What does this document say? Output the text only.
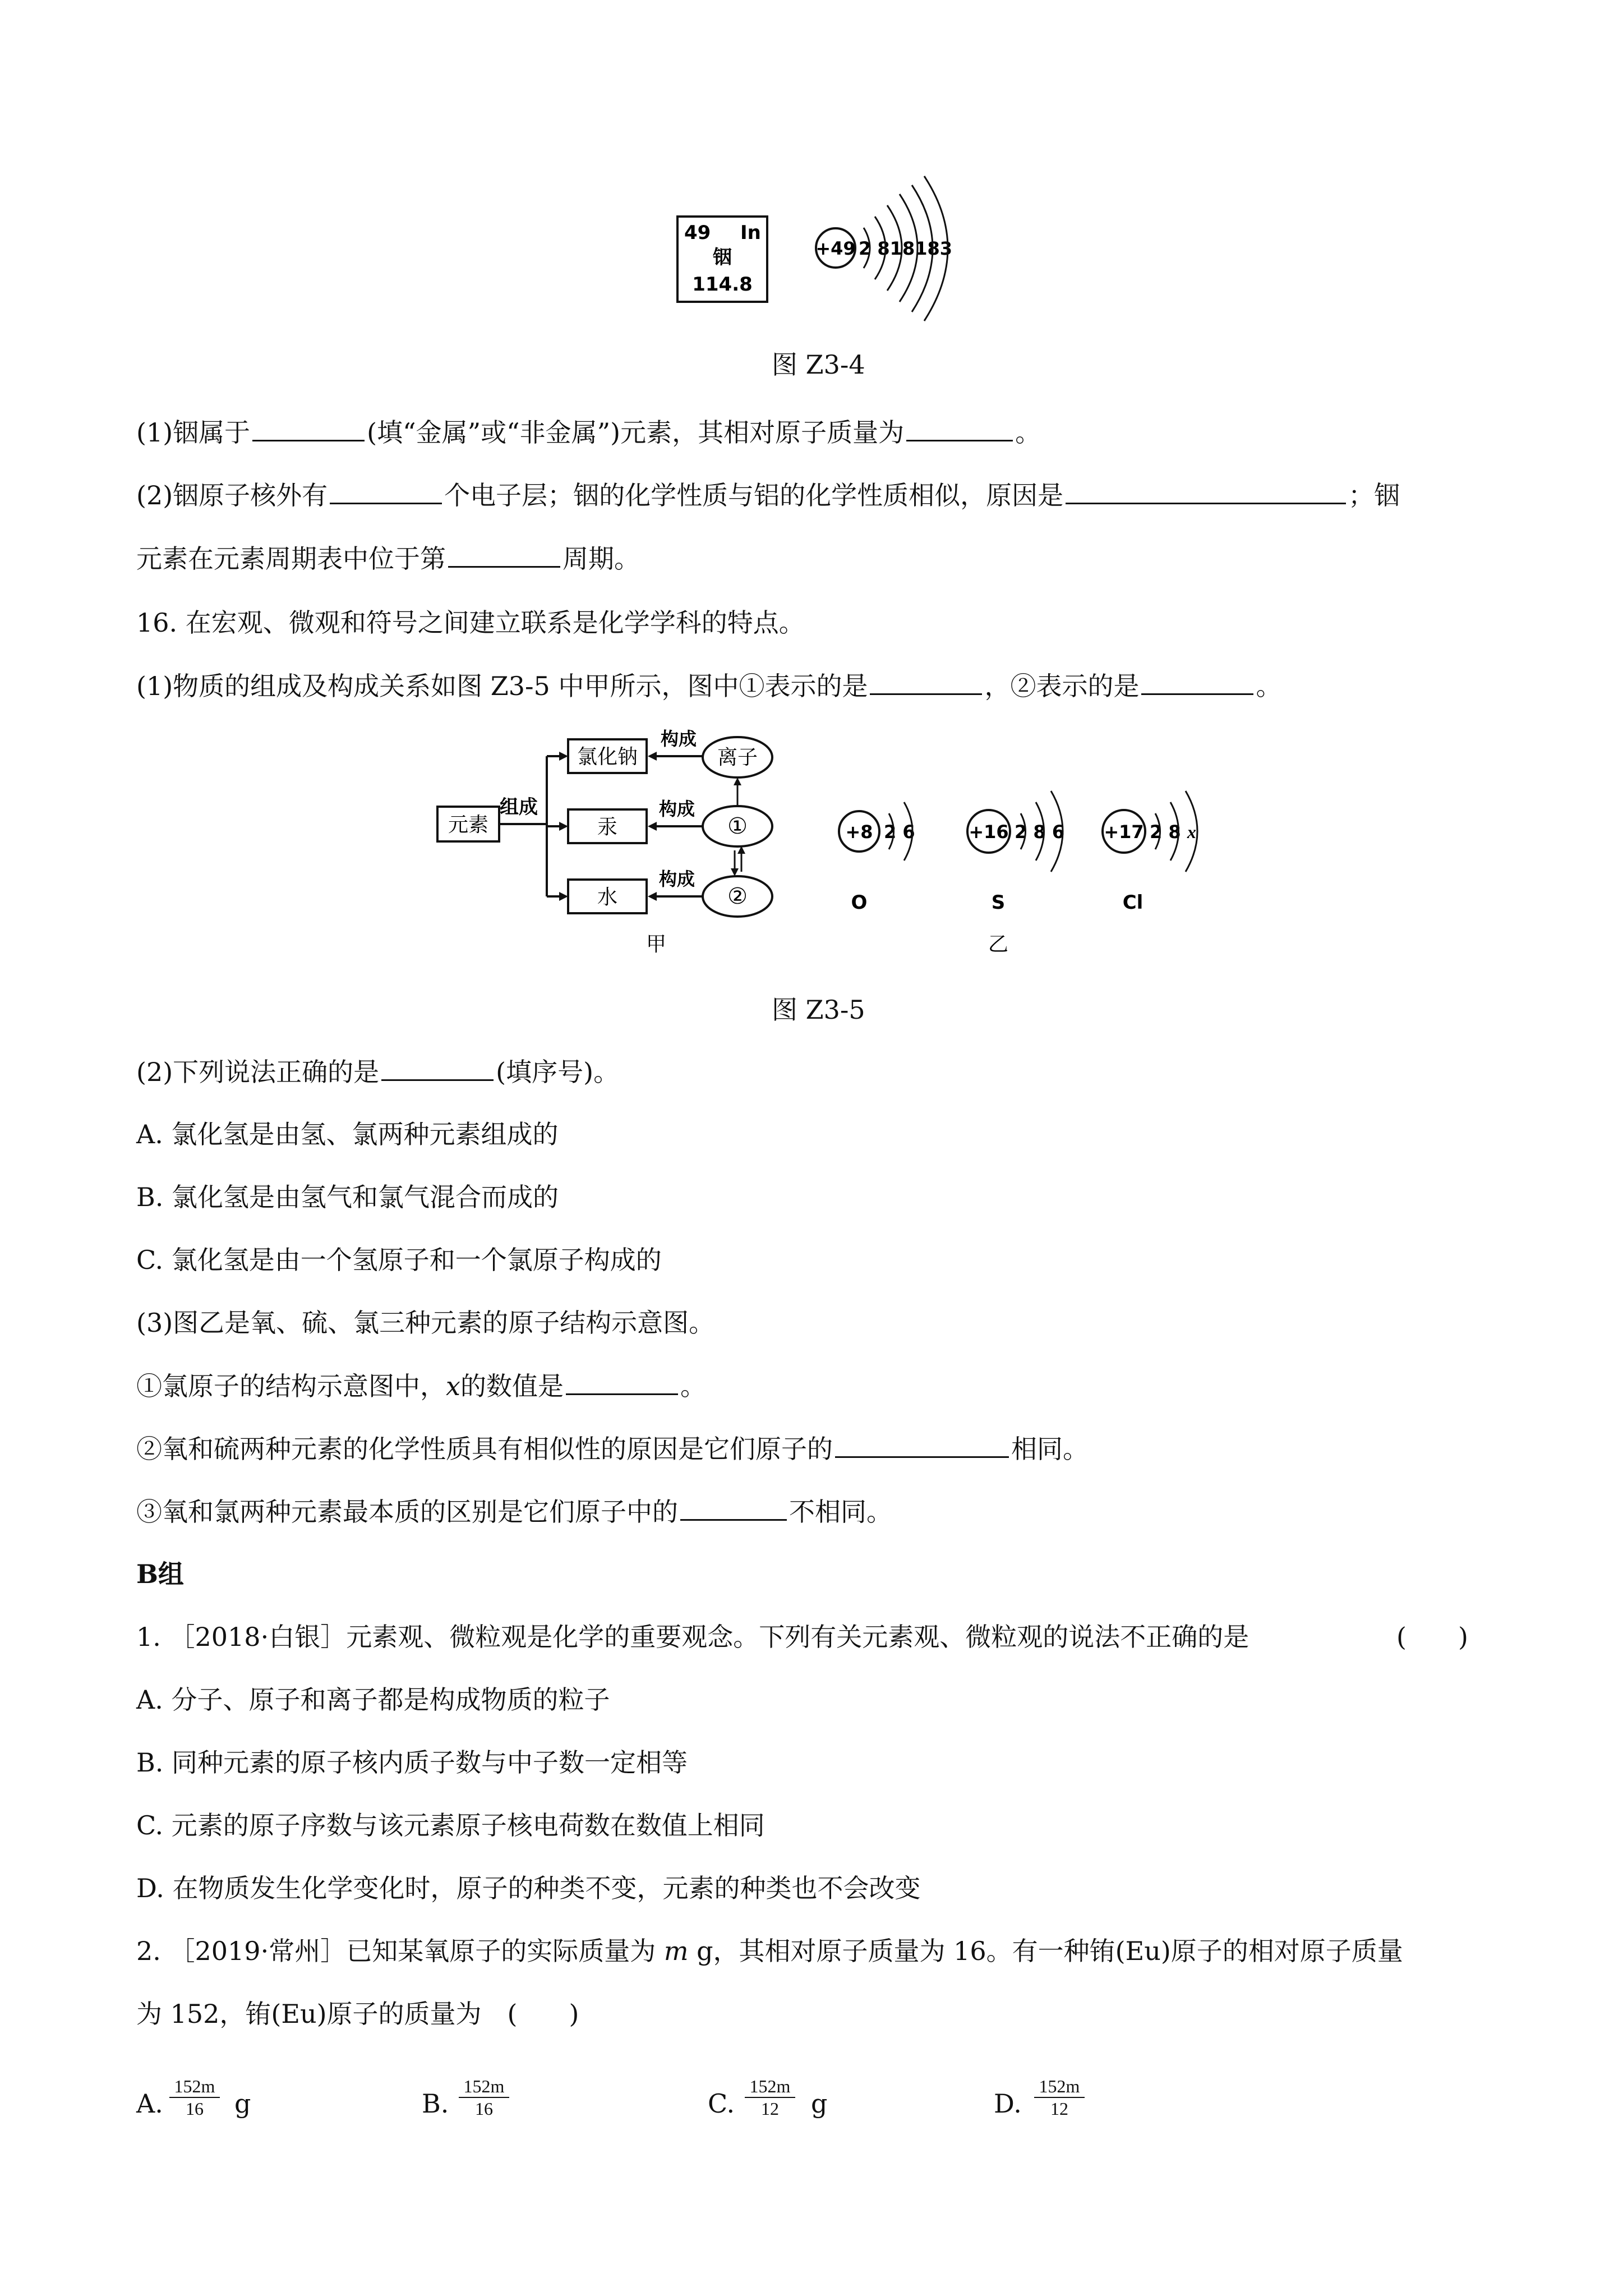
49 In
铟
114.8
+49 2 818183
图 Z3-4
(1)铟属于	(填“金属”或“非金属”)元素，其相对原子质量为	。
(2)铟原子核外有	个电子层；铟的化学性质与铝的化学性质相似，原因是	；铟
元素在元素周期表中位于第	周期。
16. 在宏观、微观和符号之间建立联系是化学学科的特点。
(1)物质的组成及构成关系如图 Z3-5 中甲所示，图中①表示的是	，②表示的是	。
元素
组成
氯化钠
汞
水
离子
①
②
构成
构成
构成
甲
+8 2 6
O
+16 2 8 6
S
乙
+17 2 8 x
Cl
图 Z3-5
(2)下列说法正确的是	(填序号)。
A. 氯化氢是由氢、氯两种元素组成的
B. 氯化氢是由氢气和氯气混合而成的
C. 氯化氢是由一个氢原子和一个氯原子构成的
(3)图乙是氧、硫、氯三种元素的原子结构示意图。
①氯原子的结构示意图中，x的数值是	。
②氧和硫两种元素的化学性质具有相似性的原因是它们原子的	相同。
③氧和氯两种元素最本质的区别是它们原子中的	不相同。
B组
1. ［2018·白银］元素观、微粒观是化学的重要观念。下列有关元素观、微粒观的说法不正确的是	(　　)
A. 分子、原子和离子都是构成物质的粒子
B. 同种元素的原子核内质子数与中子数一定相等
C. 元素的原子序数与该元素原子核电荷数在数值上相同
D. 在物质发生化学变化时，原子的种类不变，元素的种类也不会改变
2. ［2019·常州］已知某氧原子的实际质量为 m g，其相对原子质量为 16。有一种铕(Eu)原子的相对原子质量
为 152，铕(Eu)原子的质量为　(　　)
A. $\frac{152m}{16}$ g	B. $\frac{152m}{16}$	C. $\frac{152m}{12}$ g	D. $\frac{152m}{12}$
